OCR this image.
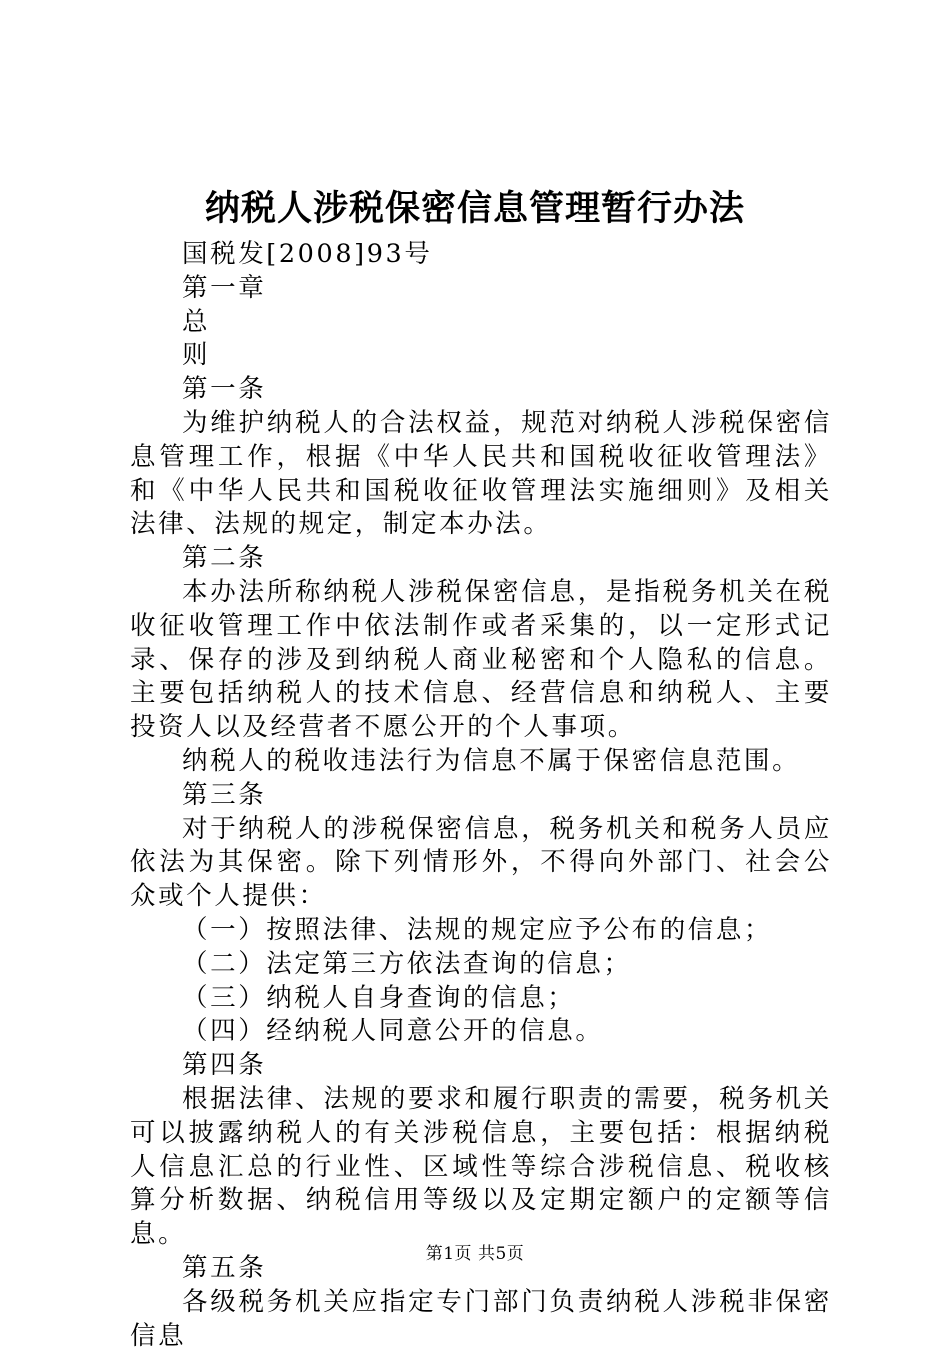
纳税人涉税保密信息管理暂行办法
国税发[2008]93号
第一章
总
则
第一条

为维护纳税人的合法权益，规范对纳税人涉税保密信息管理工作，根据《中华人民共和国税收征收管理法》和《中华人民共和国税收征收管理法实施细则》及相关法律、法规的规定，制定本办法。

第二条

本办法所称纳税人涉税保密信息，是指税务机关在税收征收管理工作中依法制作或者采集的，以一定形式记录、保存的涉及到纳税人商业秘密和个人隐私的信息。主要包括纳税人的技术信息、经营信息和纳税人、主要投资人以及经营者不愿公开的个人事项。

纳税人的税收违法行为信息不属于保密信息范围。

第三条

对于纳税人的涉税保密信息，税务机关和税务人员应依法为其保密。除下列情形外，不得向外部门、社会公众或个人提供：

（一）按照法律、法规的规定应予公布的信息；
（二）法定第三方依法查询的信息；
（三）纳税人自身查询的信息；
（四）经纳税人同意公开的信息。
第四条

根据法律、法规的要求和履行职责的需要，税务机关可以披露纳税人的有关涉税信息，主要包括：根据纳税人信息汇总的行业性、区域性等综合涉税信息、税收核算分析数据、纳税信用等级以及定期定额户的定额等信息。

第五条

各级税务机关应指定专门部门负责纳税人涉税非保密信息

第1页 共5页
